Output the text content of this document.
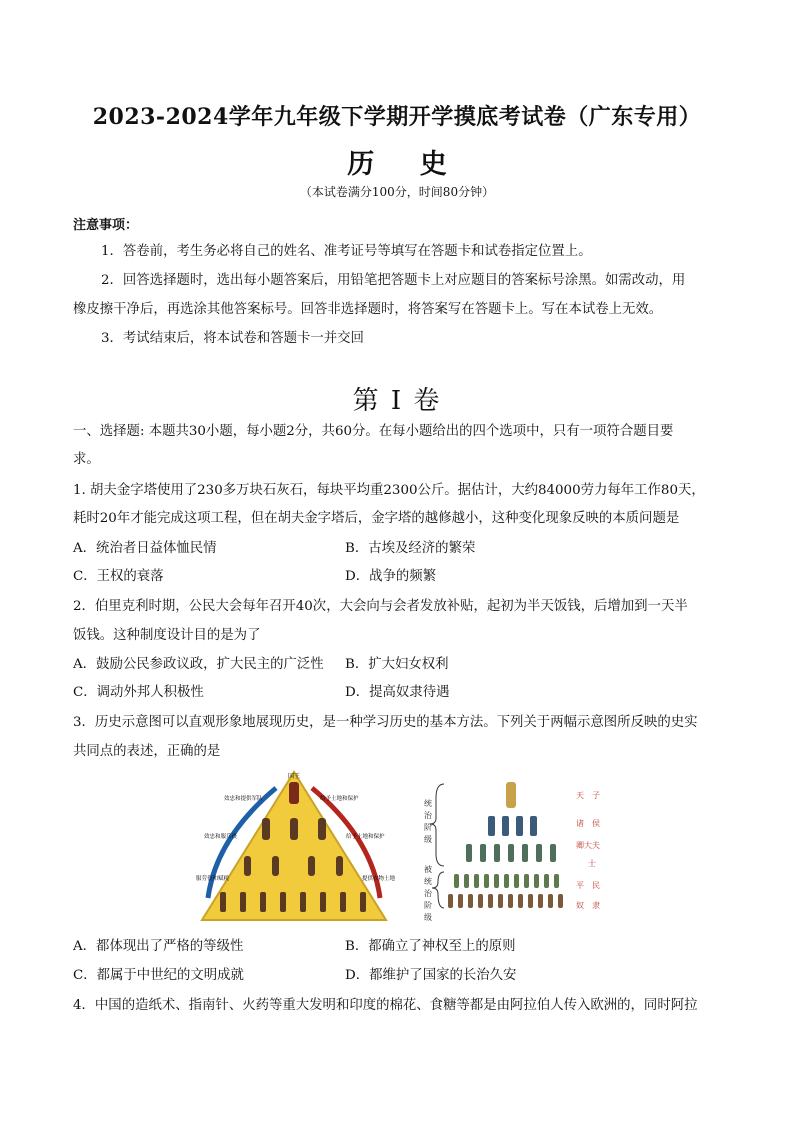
2023-2024学年九年级下学期开学摸底考试卷（广东专用）
历 史
（本试卷满分100分，时间80分钟）
注意事项：
1．答卷前，考生务必将自己的姓名、准考证号等填写在答题卡和试卷指定位置上。
2．回答选择题时，选出每小题答案后，用铅笔把答题卡上对应题目的答案标号涂黑。如需改动，用
橡皮擦干净后，再选涂其他答案标号。回答非选择题时，将答案写在答题卡上。写在本试卷上无效。
3．考试结束后，将本试卷和答题卡一并交回
第 I 卷
一、选择题: 本题共30小题，每小题2分，共60分。在每小题给出的四个选项中，只有一项符合题目要
求。
1. 胡夫金字塔使用了230多万块石灰石，每块平均重2300公斤。据估计，大约84000劳力每年工作80天，
耗时20年才能完成这项工程，但在胡夫金字塔后，金字塔的越修越小，这种变化现象反映的本质问题是
A．统治者日益体恤民情	B．古埃及经济的繁荣
C．王权的衰落	D．战争的频繁
2．伯里克利时期，公民大会每年召开40次，大会向与会者发放补贴，起初为半天饭钱，后增加到一天半
饭钱。这种制度设计目的是为了
A．鼓励公民参政议政，扩大民主的广泛性 B．扩大妇女权利
C．调动外邦人积极性	D．提高奴隶待遇
3．历史示意图可以直观形象地展现历史，是一种学习历史的基本方法。下列关于两幅示意图所反映的史实
共同点的表述，正确的是
国王
效忠和提供军队
效忠和服兵役
服劳役和赋税
给予土地和保护
给予土地和保护
提供衣物土地
统
治
阶
级
被
统
治
阶
级
天　子
诸　侯
卿大夫
士
平　民
奴　隶
A．都体现出了严格的等级性	B．都确立了神权至上的原则
C．都属于中世纪的文明成就	D．都维护了国家的长治久安
4．中国的造纸术、指南针、火药等重大发明和印度的棉花、食糖等都是由阿拉伯人传入欧洲的，同时阿拉
